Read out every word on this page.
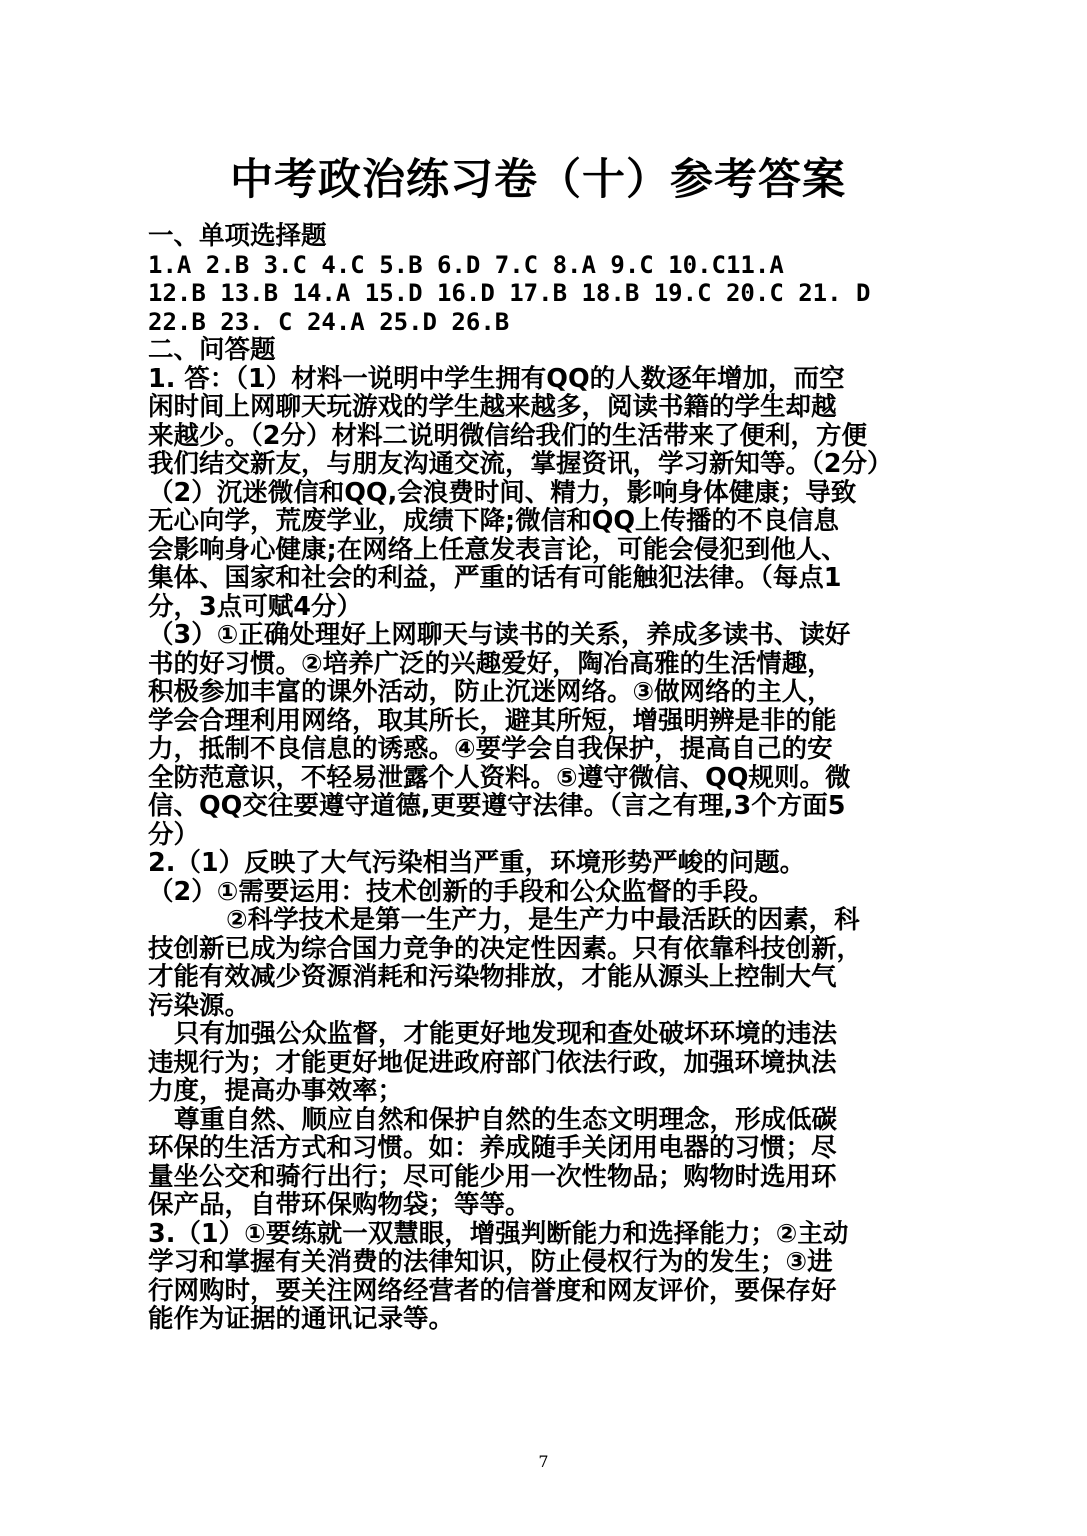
中考政治练习卷（十）参考答案
一、单项选择题
1.A 2.B 3.C 4.C 5.B 6.D 7.C 8.A 9.C 10.C11.A
12.B 13.B 14.A 15.D 16.D 17.B 18.B 19.C 20.C 21. D
22.B 23. C 24.A 25.D 26.B
二、问答题
1. 答：（1）材料一说明中学生拥有QQ的人数逐年增加，而空
闲时间上网聊天玩游戏的学生越来越多，阅读书籍的学生却越
来越少。（2分）材料二说明微信给我们的生活带来了便利，方便
我们结交新友，与朋友沟通交流，掌握资讯，学习新知等。（2分）
（2）沉迷微信和QQ,会浪费时间、精力，影响身体健康；导致
无心向学，荒废学业，成绩下降;微信和QQ上传播的不良信息
会影响身心健康;在网络上任意发表言论，可能会侵犯到他人、
集体、国家和社会的利益，严重的话有可能触犯法律。（每点1
分，3点可赋4分）
（3）①正确处理好上网聊天与读书的关系，养成多读书、读好
书的好习惯。②培养广泛的兴趣爱好，陶冶高雅的生活情趣，
积极参加丰富的课外活动，防止沉迷网络。③做网络的主人，
学会合理利用网络，取其所长，避其所短，增强明辨是非的能
力，抵制不良信息的诱惑。④要学会自我保护，提高自己的安
全防范意识，不轻易泄露个人资料。⑤遵守微信、QQ规则。微
信、QQ交往要遵守道德,更要遵守法律。（言之有理,3个方面5
分）
2.（1）反映了大气污染相当严重，环境形势严峻的问题。
（2）①需要运用：技术创新的手段和公众监督的手段。
②科学技术是第一生产力，是生产力中最活跃的因素，科
技创新已成为综合国力竞争的决定性因素。只有依靠科技创新，
才能有效减少资源消耗和污染物排放，才能从源头上控制大气
污染源。
只有加强公众监督，才能更好地发现和查处破坏环境的违法
违规行为；才能更好地促进政府部门依法行政，加强环境执法
力度，提高办事效率；
尊重自然、顺应自然和保护自然的生态文明理念，形成低碳
环保的生活方式和习惯。如：养成随手关闭用电器的习惯；尽
量坐公交和骑行出行；尽可能少用一次性物品；购物时选用环
保产品，自带环保购物袋；等等。
3.（1）①要练就一双慧眼，增强判断能力和选择能力；②主动
学习和掌握有关消费的法律知识，防止侵权行为的发生；③进
行网购时，要关注网络经营者的信誉度和网友评价，要保存好
能作为证据的通讯记录等。
7
